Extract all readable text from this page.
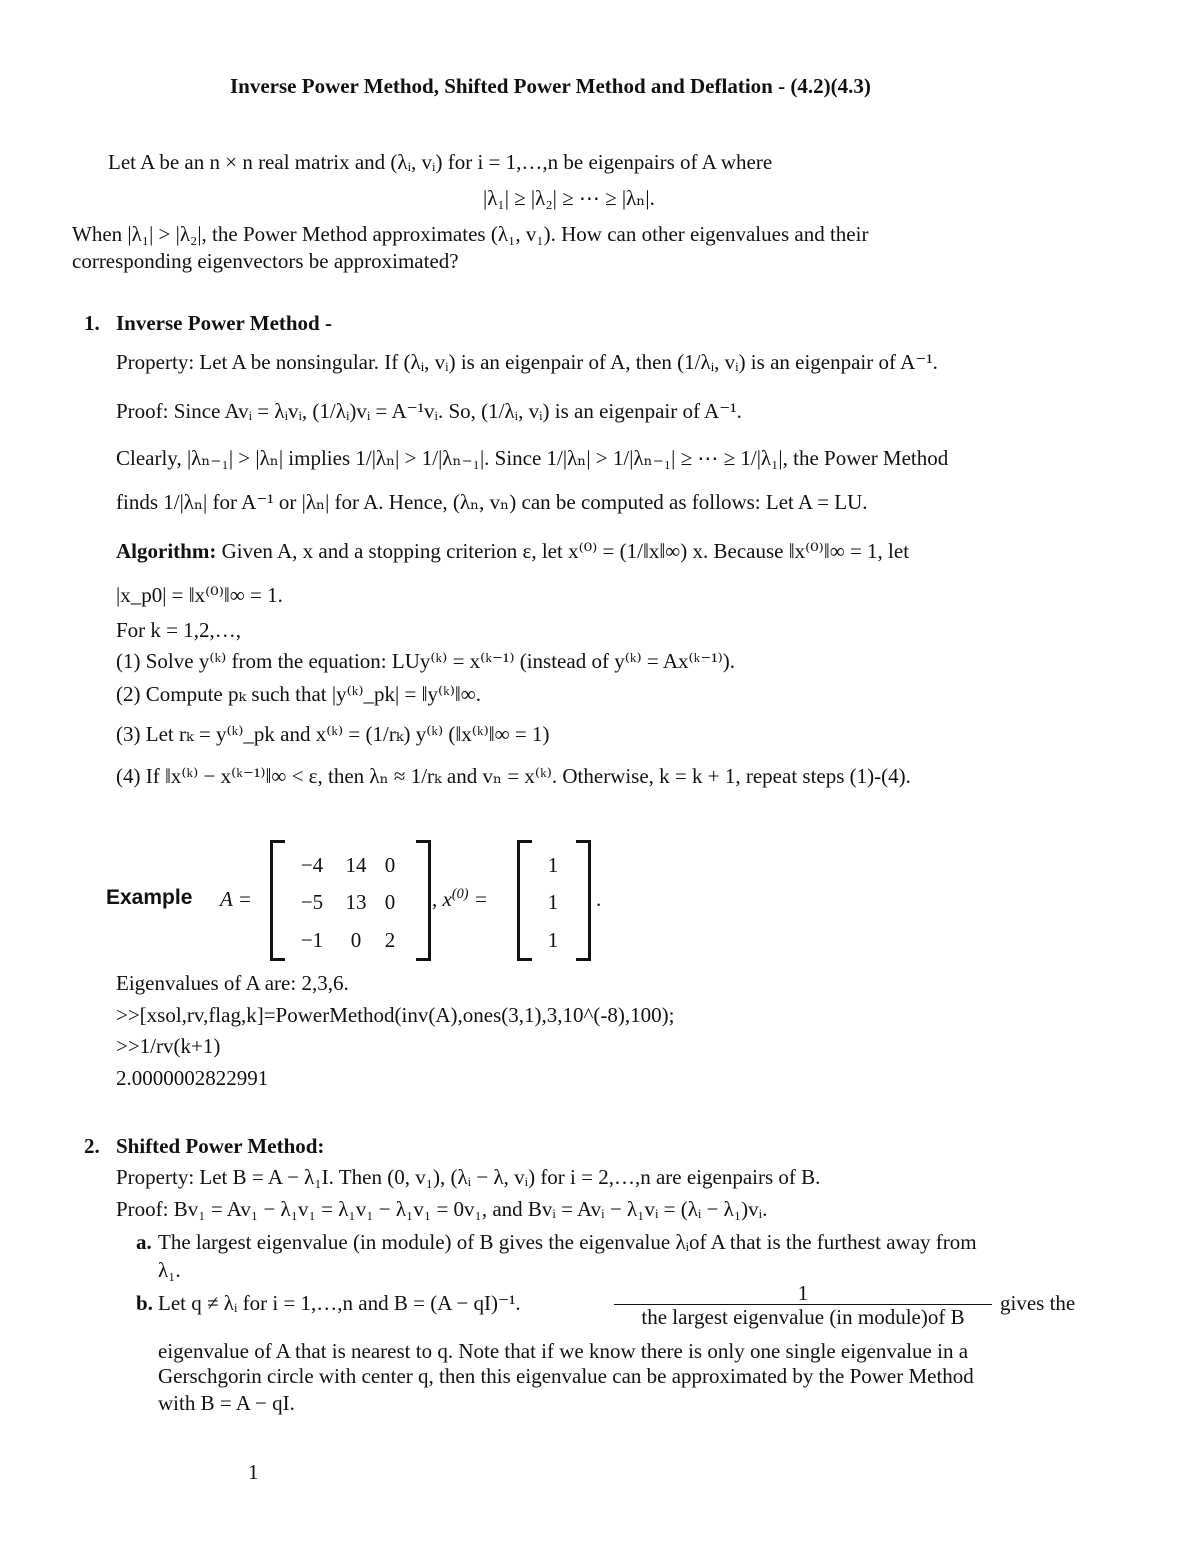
Inverse Power Method, Shifted Power Method and Deflation - (4.2)(4.3)
Let A be an n × n real matrix and (λᵢ, vᵢ) for i = 1,…,n be eigenpairs of A where
|λ₁| ≥ |λ₂| ≥ ⋯ ≥ |λₙ|.
When |λ₁| > |λ₂|, the Power Method approximates (λ₁, v₁). How can other eigenvalues and their
corresponding eigenvectors be approximated?
1. Inverse Power Method -
Property: Let A be nonsingular. If (λᵢ, vᵢ) is an eigenpair of A, then (1/λᵢ, vᵢ) is an eigenpair of A⁻¹.
Proof: Since Avᵢ = λᵢvᵢ, (1/λᵢ)vᵢ = A⁻¹vᵢ. So, (1/λᵢ, vᵢ) is an eigenpair of A⁻¹.
Clearly, |λₙ₋₁| > |λₙ| implies 1/|λₙ| > 1/|λₙ₋₁|. Since 1/|λₙ| > 1/|λₙ₋₁| ≥ ⋯ ≥ 1/|λ₁|, the Power Method
finds 1/|λₙ| for A⁻¹ or |λₙ| for A. Hence, (λₙ, vₙ) can be computed as follows: Let A = LU.
Algorithm: Given A, x and a stopping criterion ε, let x⁽⁰⁾ = (1/‖x‖∞) x. Because ‖x⁽⁰⁾‖∞ = 1, let
|x_p0| = ‖x⁽⁰⁾‖∞ = 1.
For k = 1,2,…,
(1) Solve y⁽ᵏ⁾ from the equation: LUy⁽ᵏ⁾ = x⁽ᵏ⁻¹⁾ (instead of y⁽ᵏ⁾ = Ax⁽ᵏ⁻¹⁾).
(2) Compute pₖ such that |y⁽ᵏ⁾_pk| = ‖y⁽ᵏ⁾‖∞.
(3) Let rₖ = y⁽ᵏ⁾_pk and x⁽ᵏ⁾ = (1/rₖ) y⁽ᵏ⁾ (‖x⁽ᵏ⁾‖∞ = 1)
(4) If ‖x⁽ᵏ⁾ − x⁽ᵏ⁻¹⁾‖∞ < ε, then λₙ ≈ 1/rₖ and vₙ = x⁽ᵏ⁾. Otherwise, k = k + 1, repeat steps (1)-(4).
Example A =
−4	14 0
−5	13 0
−1	0	2
, $x^{(0)}$ =
1
1
1
.
Eigenvalues of A are: 2,3,6.
>>[xsol,rv,flag,k]=PowerMethod(inv(A),ones(3,1),3,10^(-8),100);
>>1/rv(k+1)
2.0000002822991
2. Shifted Power Method:
Property: Let B = A − λ₁I. Then (0, v₁), (λᵢ − λ, vᵢ) for i = 2,…,n are eigenpairs of B.
Proof: Bv₁ = Av₁ − λ₁v₁ = λ₁v₁ − λ₁v₁ = 0v₁, and Bvᵢ = Avᵢ − λ₁vᵢ = (λᵢ − λ₁)vᵢ.
a. The largest eigenvalue (in module) of B gives the eigenvalue λᵢof A that is the furthest away from
λ₁.
b. Let q ≠ λᵢ for i = 1,…,n and B = (A − qI)⁻¹.	1
the largest eigenvalue (in module)of B
gives the
eigenvalue of A that is nearest to q. Note that if we know there is only one single eigenvalue in a
Gerschgorin circle with center q, then this eigenvalue can be approximated by the Power Method
with B = A − qI.
1
